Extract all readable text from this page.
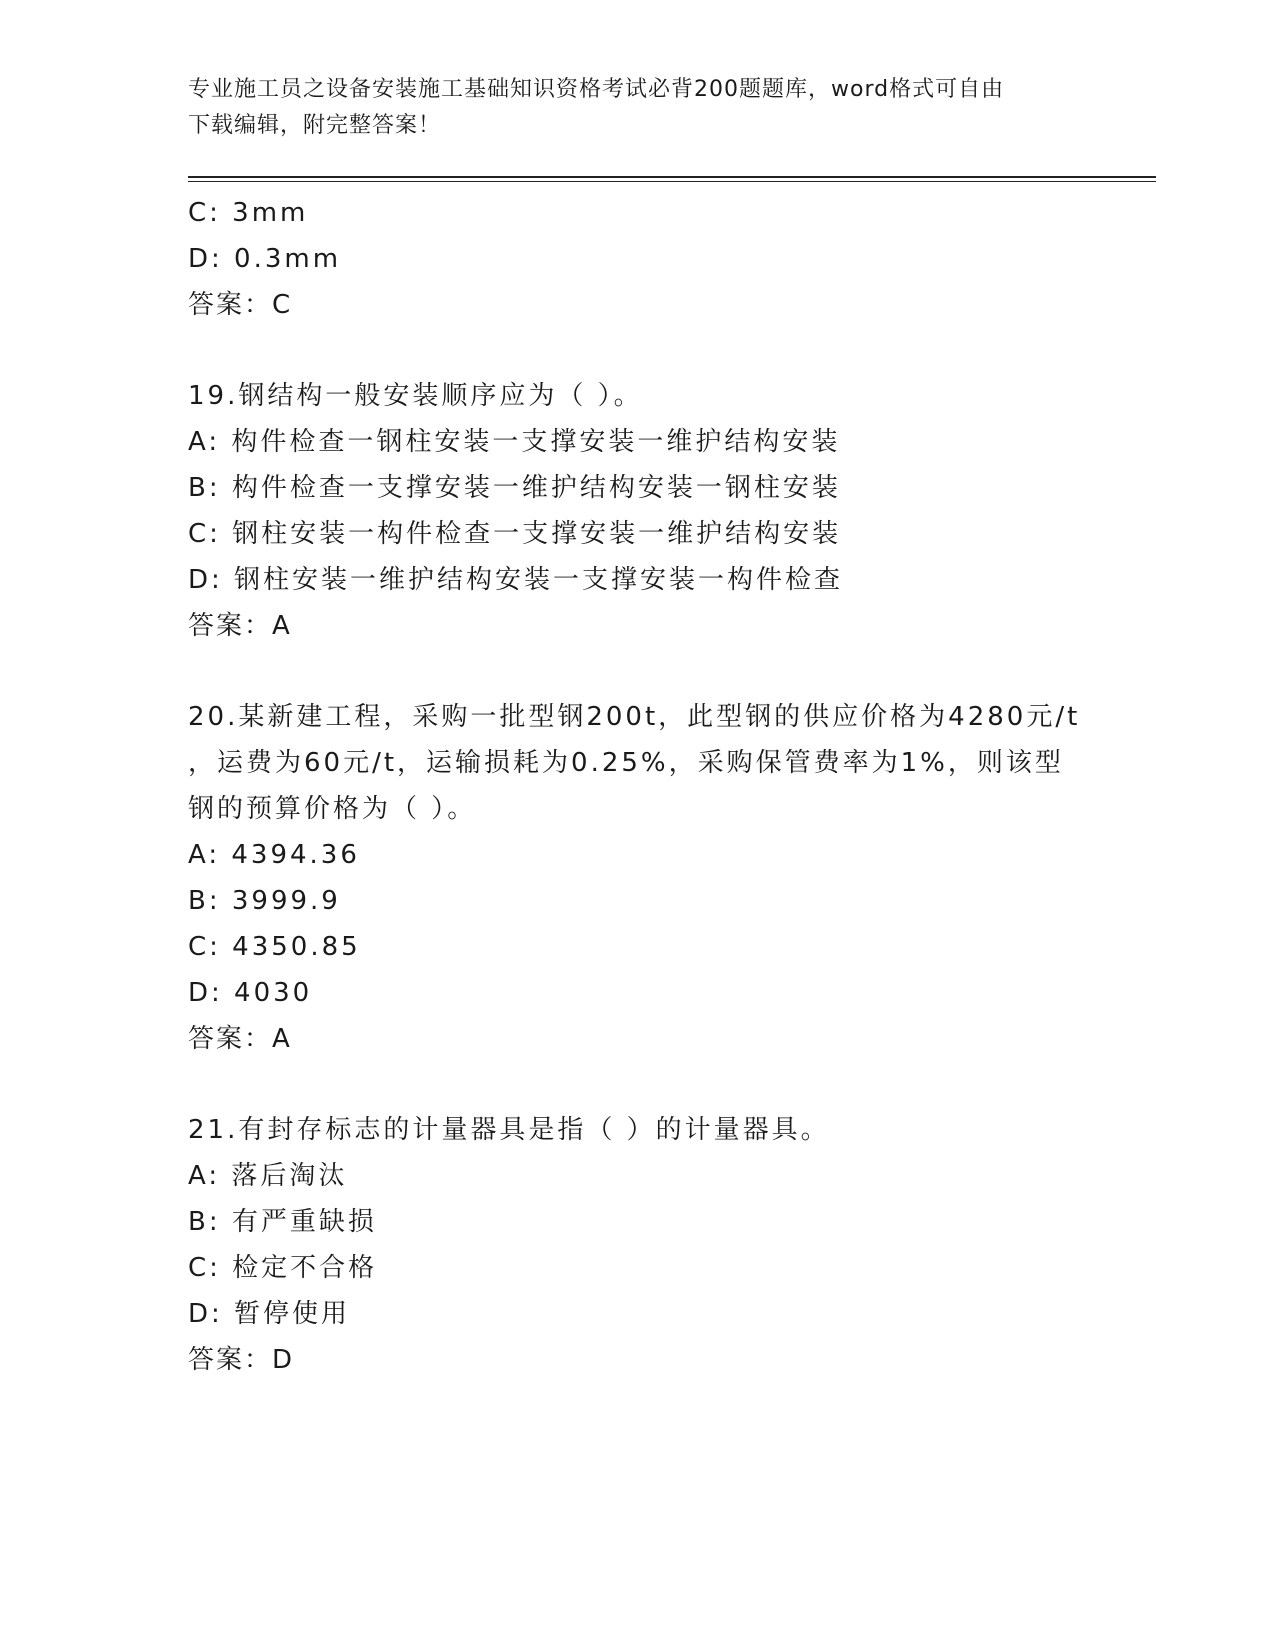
专业施工员之设备安装施工基础知识资格考试必背200题题库，word格式可自由
下载编辑，附完整答案！
C: 3mm
D: 0.3mm
答案：C
19.钢结构一般安装顺序应为（ ）。
A: 构件检查一钢柱安装一支撑安装一维护结构安装
B: 构件检查一支撑安装一维护结构安装一钢柱安装
C: 钢柱安装一构件检查一支撑安装一维护结构安装
D: 钢柱安装一维护结构安装一支撑安装一构件检查
答案：A
20.某新建工程，采购一批型钢200t，此型钢的供应价格为4280元/t
，运费为60元/t，运输损耗为0.25%，采购保管费率为1%，则该型
钢的预算价格为（ ）。
A: 4394.36
B: 3999.9
C: 4350.85
D: 4030
答案：A
21.有封存标志的计量器具是指（ ）的计量器具。
A: 落后淘汰
B: 有严重缺损
C: 检定不合格
D: 暂停使用
答案：D
